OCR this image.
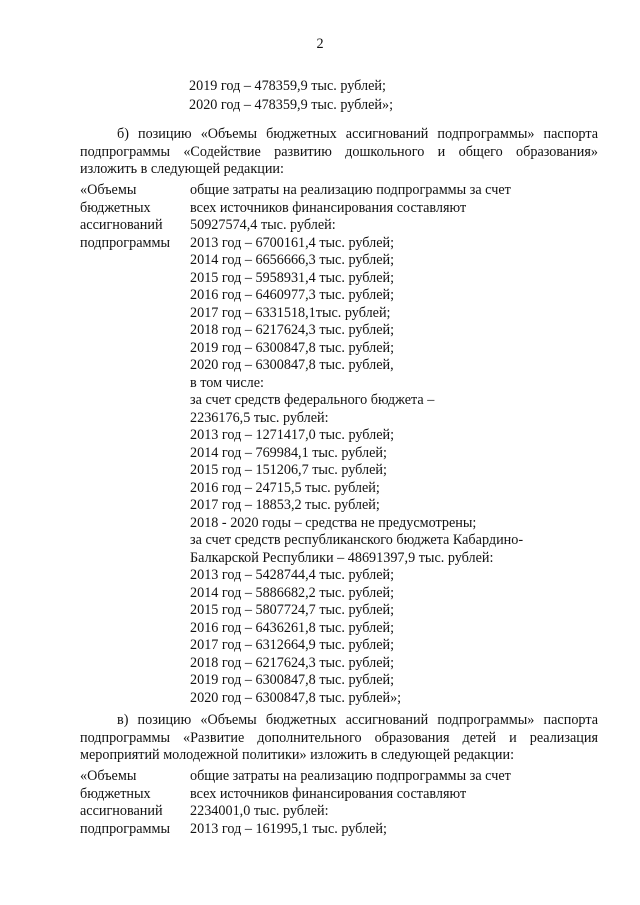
2
2019 год – 478359,9 тыс. рублей;
2020 год – 478359,9 тыс. рублей»;
б) позицию «Объемы бюджетных ассигнований подпрограммы» паспорта
подпрограммы «Содействие развитию дошкольного и общего образования»
изложить в следующей редакции:
«Объемы
бюджетных
ассигнований
подпрограммы
общие затраты на реализацию подпрограммы за счет
всех источников финансирования составляют
50927574,4 тыс. рублей:
2013 год – 6700161,4 тыс. рублей;
2014 год – 6656666,3 тыс. рублей;
2015 год – 5958931,4 тыс. рублей;
2016 год – 6460977,3 тыс. рублей;
2017 год – 6331518,1тыс. рублей;
2018 год – 6217624,3 тыс. рублей;
2019 год – 6300847,8 тыс. рублей;
2020 год – 6300847,8 тыс. рублей,
в том числе:
за счет средств федерального бюджета –
2236176,5 тыс. рублей:
2013 год – 1271417,0 тыс. рублей;
2014 год – 769984,1 тыс. рублей;
2015 год – 151206,7 тыс. рублей;
2016 год – 24715,5 тыс. рублей;
2017 год – 18853,2 тыс. рублей;
2018 - 2020 годы – средства не предусмотрены;
за счет средств республиканского бюджета Кабардино-
Балкарской Республики – 48691397,9 тыс. рублей:
2013 год – 5428744,4 тыс. рублей;
2014 год – 5886682,2 тыс. рублей;
2015 год – 5807724,7 тыс. рублей;
2016 год – 6436261,8 тыс. рублей;
2017 год – 6312664,9 тыс. рублей;
2018 год – 6217624,3 тыс. рублей;
2019 год – 6300847,8 тыс. рублей;
2020 год – 6300847,8 тыс. рублей»;
в) позицию «Объемы бюджетных ассигнований подпрограммы» паспорта
подпрограммы «Развитие дополнительного образования детей и реализация
мероприятий молодежной политики» изложить в следующей редакции:
«Объемы
бюджетных
ассигнований
подпрограммы
общие затраты на реализацию подпрограммы за счет
всех источников финансирования составляют
2234001,0 тыс. рублей:
2013 год – 161995,1 тыс. рублей;
